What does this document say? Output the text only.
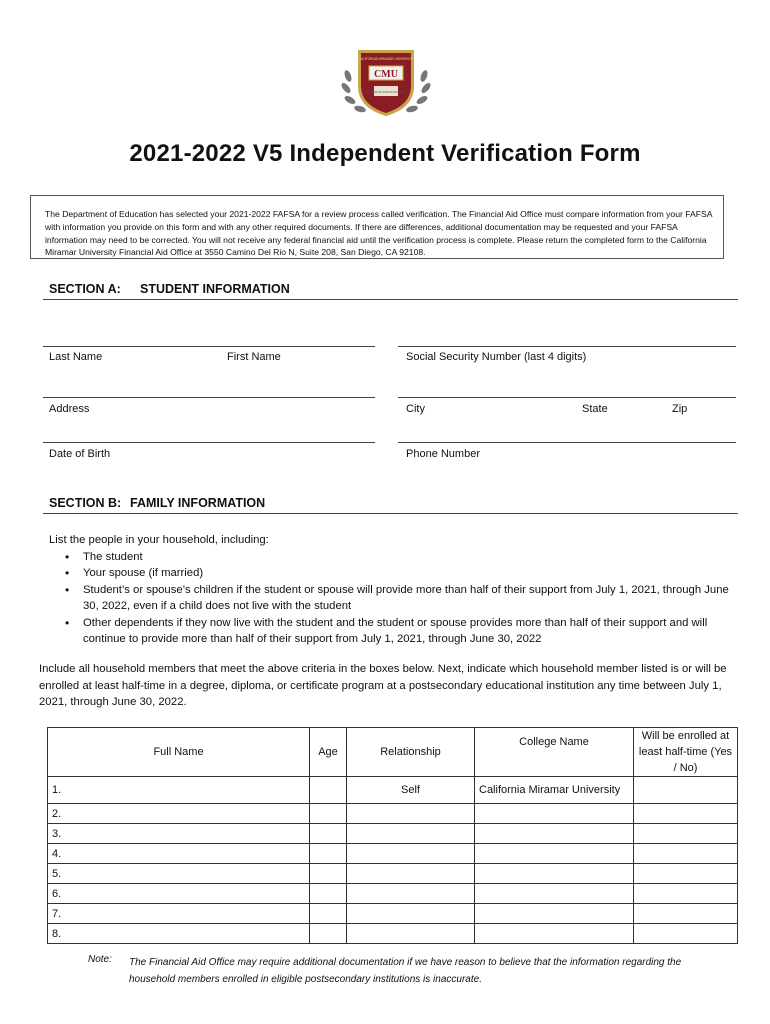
CALIFORNIA MIRAMAR UNIVERSITY
CMU
EDUCATION INNOVATION 1997
2021-2022 V5 Independent Verification Form
The Department of Education has selected your 2021-2022 FAFSA for a review process called verification. The Financial Aid Office must compare information from your FAFSA with information you provide on this form and with any other required documents. If there are differences, additional documentation may be requested and your FAFSA information may need to be corrected. You will not receive any federal financial aid until the verification process is complete. Please return the completed form to the California Miramar University Financial Aid Office at 3550 Camino Del Rio N, Suite 208, San Diego, CA 92108.
SECTION A: STUDENT INFORMATION
Last Name	First Name	Social Security Number (last 4 digits)
Address	City	State	Zip
Date of Birth	Phone Number
SECTION B: FAMILY INFORMATION
List the people in your household, including:
• The student
• Your spouse (if married)
• Student’s or spouse’s children if the student or spouse will provide more than half of their support from July 1, 2021, through June 30, 2022, even if a child does not live with the student
• Other dependents if they now live with the student and the student or spouse provides more than half of their support and will continue to provide more than half of their support from July 1, 2021, through June 30, 2022
Include all household members that meet the above criteria in the boxes below. Next, indicate which household member listed is or will be enrolled at least half-time in a degree, diploma, or certificate program at a postsecondary educational institution any time between July 1, 2021, through June 30, 2022.
Full Name	Age	Relationship	College Name	Will be enrolled at least half-time (Yes / No)
1.		Self	California Miramar University	
2.				
3.				
4.				
5.				
6.				
7.				
8.				
Note: The Financial Aid Office may require additional documentation if we have reason to believe that the information regarding the household members enrolled in eligible postsecondary institutions is inaccurate.
